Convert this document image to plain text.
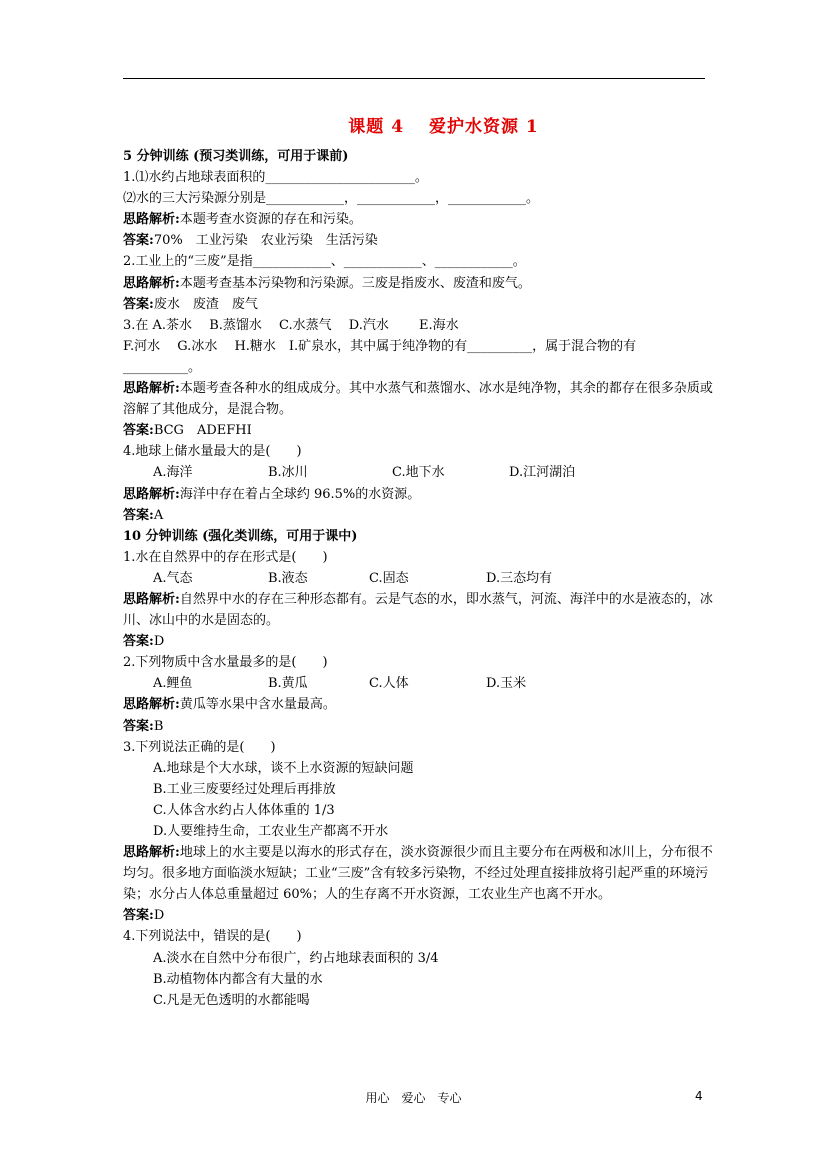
课题 4　 爱护水资源 1
5 分钟训练 (预习类训练，可用于课前)
1.⑴水约占地球表面积的_______________________。
⑵水的三大污染源分别是____________，____________，____________。
思路解析:本题考查水资源的存在和污染。
答案:70%　工业污染　农业污染　生活污染
2.工业上的“三废”是指____________、____________、____________。
思路解析:本题考查基本污染物和污染源。三废是指废水、废渣和废气。
答案:废水　废渣　废气
3.在 A.茶水　 B.蒸馏水　 C.水蒸气　 D.汽水　　 E.海水
F.河水　 G.冰水　 H.糖水　I.矿泉水，其中属于纯净物的有__________，属于混合物的有
__________。
思路解析:本题考查各种水的组成成分。其中水蒸气和蒸馏水、冰水是纯净物，其余的都存在很多杂质或溶解了其他成分，是混合物。
答案:BCG　ADEFHI
4.地球上储水量最大的是(　　)
A.海洋	B.冰川	C.地下水	D.江河湖泊
思路解析:海洋中存在着占全球约 96.5%的水资源。
答案:A
10 分钟训练 (强化类训练，可用于课中)
1.水在自然界中的存在形式是(　　)
A.气态	B.液态	C.固态	D.三态均有
思路解析:自然界中水的存在三种形态都有。云是气态的水，即水蒸气，河流、海洋中的水是液态的，冰川、冰山中的水是固态的。
答案:D
2.下列物质中含水量最多的是(　　)
A.鲤鱼	B.黄瓜	C.人体	D.玉米
思路解析:黄瓜等水果中含水量最高。
答案:B
3.下列说法正确的是(　　)
A.地球是个大水球，谈不上水资源的短缺问题
B.工业三废要经过处理后再排放
C.人体含水约占人体体重的 1/3
D.人要维持生命，工农业生产都离不开水
思路解析:地球上的水主要是以海水的形式存在，淡水资源很少而且主要分布在两极和冰川上，分布很不均匀。很多地方面临淡水短缺；工业“三废”含有较多污染物，不经过处理直接排放将引起严重的环境污染；水分占人体总重量超过 60%；人的生存离不开水资源，工农业生产也离不开水。
答案:D
4.下列说法中，错误的是(　　)
A.淡水在自然中分布很广，约占地球表面积的 3/4
B.动植物体内都含有大量的水
C.凡是无色透明的水都能喝
用心　爱心　专心	4
